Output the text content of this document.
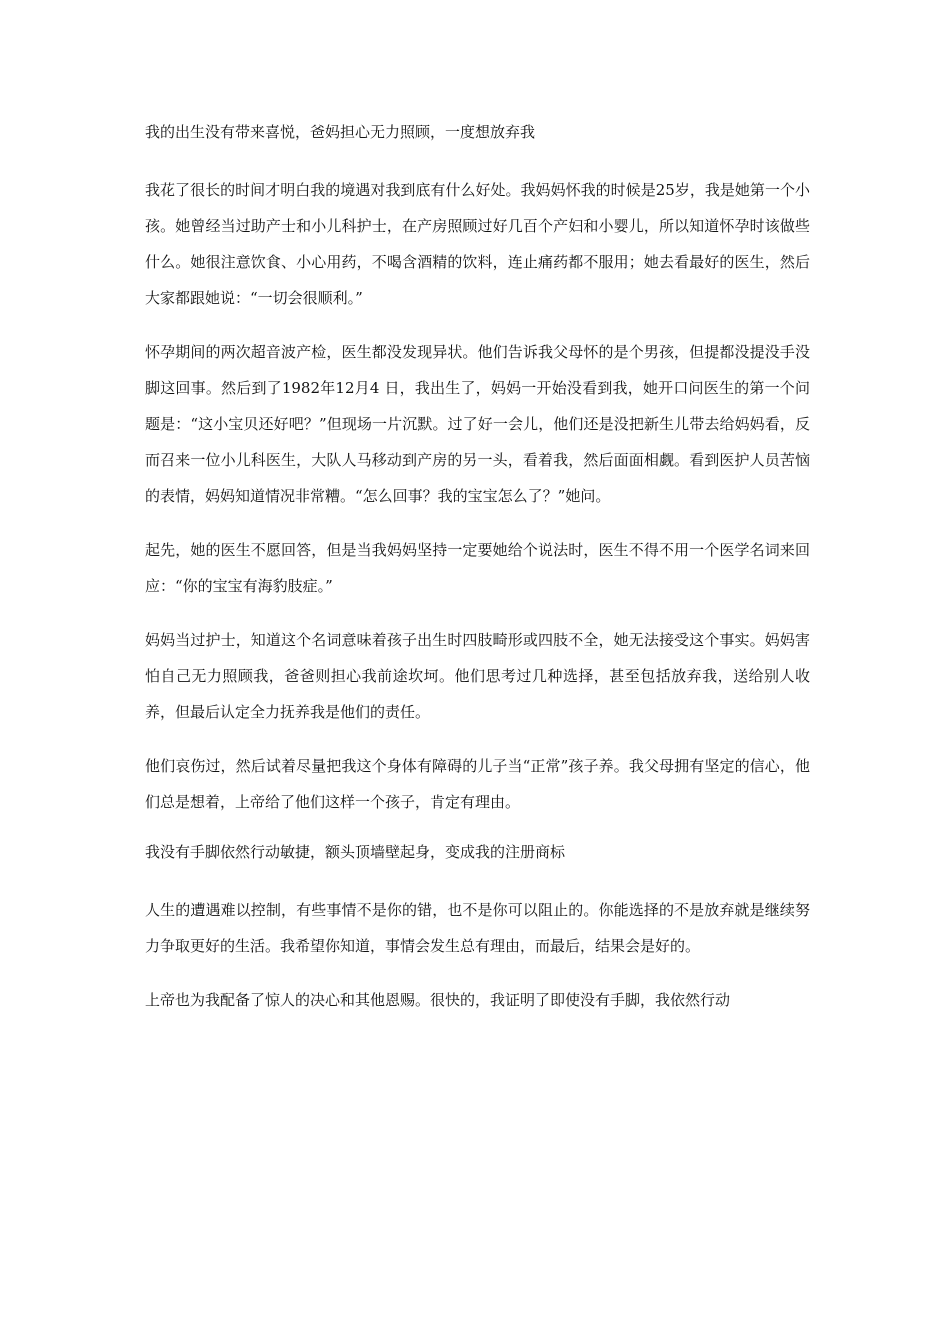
我的出生没有带来喜悦，爸妈担心无力照顾，一度想放弃我

我花了很长的时间才明白我的境遇对我到底有什么好处。我妈妈怀我的时候是25岁，我是她第一个小孩。她曾经当过助产士和小儿科护士，在产房照顾过好几百个产妇和小婴儿，所以知道怀孕时该做些什么。她很注意饮食、小心用药，不喝含酒精的饮料，连止痛药都不服用；她去看最好的医生，然后大家都跟她说：“一切会很顺利。”

怀孕期间的两次超音波产检，医生都没发现异状。他们告诉我父母怀的是个男孩，但提都没提没手没脚这回事。然后到了1982年12月4 日，我出生了，妈妈一开始没看到我，她开口问医生的第一个问题是：“这小宝贝还好吧？”但现场一片沉默。过了好一会儿，他们还是没把新生儿带去给妈妈看，反而召来一位小儿科医生，大队人马移动到产房的另一头，看着我，然后面面相觑。看到医护人员苦恼的表情，妈妈知道情况非常糟。“怎么回事？我的宝宝怎么了？”她问。

起先，她的医生不愿回答，但是当我妈妈坚持一定要她给个说法时，医生不得不用一个医学名词来回应：“你的宝宝有海豹肢症。”

妈妈当过护士，知道这个名词意味着孩子出生时四肢畸形或四肢不全，她无法接受这个事实。妈妈害怕自己无力照顾我，爸爸则担心我前途坎坷。他们思考过几种选择，甚至包括放弃我，送给别人收养，但最后认定全力抚养我是他们的责任。

他们哀伤过，然后试着尽量把我这个身体有障碍的儿子当“正常”孩子养。我父母拥有坚定的信心，他们总是想着，上帝给了他们这样一个孩子，肯定有理由。

我没有手脚依然行动敏捷，额头顶墙壁起身，变成我的注册商标

人生的遭遇难以控制，有些事情不是你的错，也不是你可以阻止的。你能选择的不是放弃就是继续努力争取更好的生活。我希望你知道，事情会发生总有理由，而最后，结果会是好的。

上帝也为我配备了惊人的决心和其他恩赐。很快的，我证明了即使没有手脚，我依然行动
